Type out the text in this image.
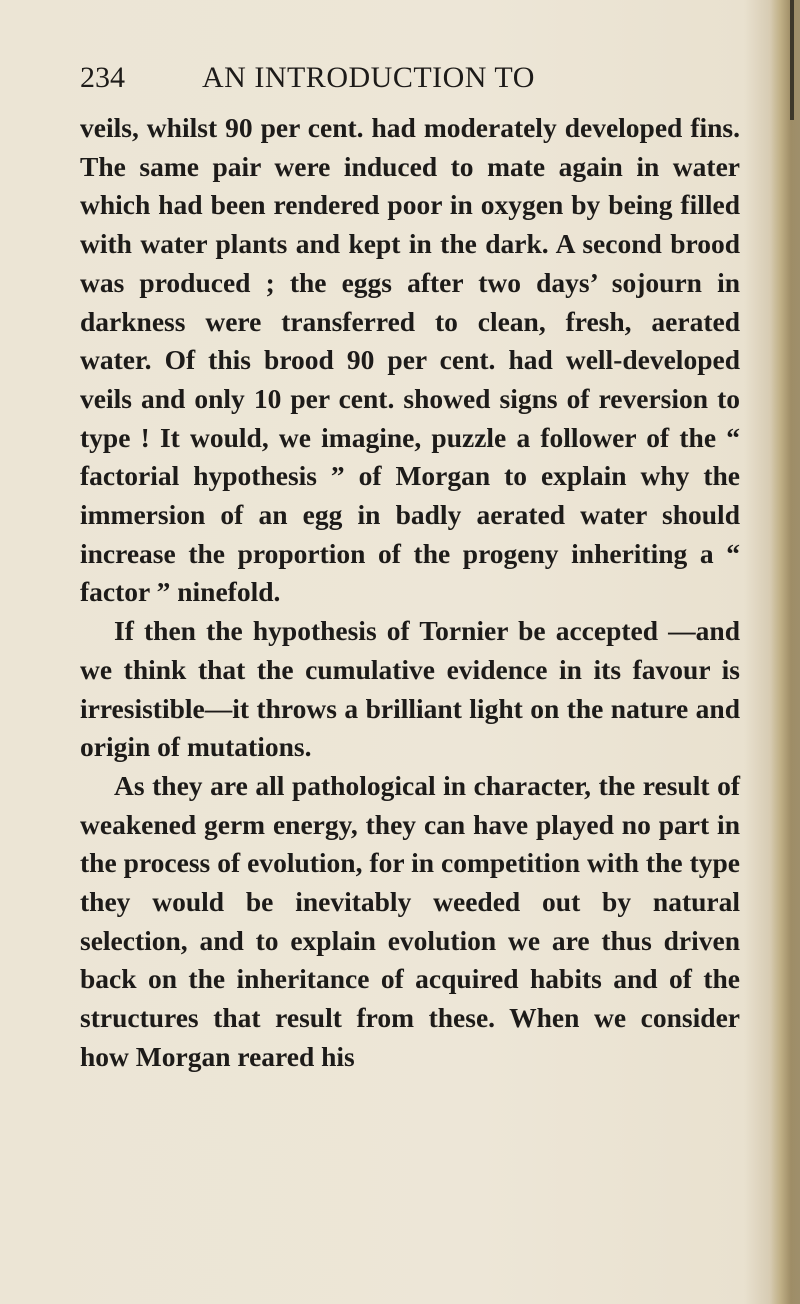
234	AN INTRODUCTION TO

veils, whilst 90 per cent. had moderately developed fins. The same pair were induced to mate again in water which had been rendered poor in oxygen by being filled with water plants and kept in the dark. A second brood was produced ; the eggs after two days’ sojourn in darkness were transferred to clean, fresh, aerated water. Of this brood 90 per cent. had well-developed veils and only 10 per cent. showed signs of reversion to type ! It would, we imagine, puzzle a follower of the “ factorial hypothesis ” of Morgan to explain why the immersion of an egg in badly aerated water should increase the proportion of the progeny inheriting a “ factor ” ninefold.

If then the hypothesis of Tornier be accepted —and we think that the cumulative evidence in its favour is irresistible—it throws a brilliant light on the nature and origin of mutations.

As they are all pathological in character, the result of weakened germ energy, they can have played no part in the process of evolution, for in competition with the type they would be inevitably weeded out by natural selection, and to explain evolution we are thus driven back on the inheritance of acquired habits and of the structures that result from these. When we consider how Morgan reared his
